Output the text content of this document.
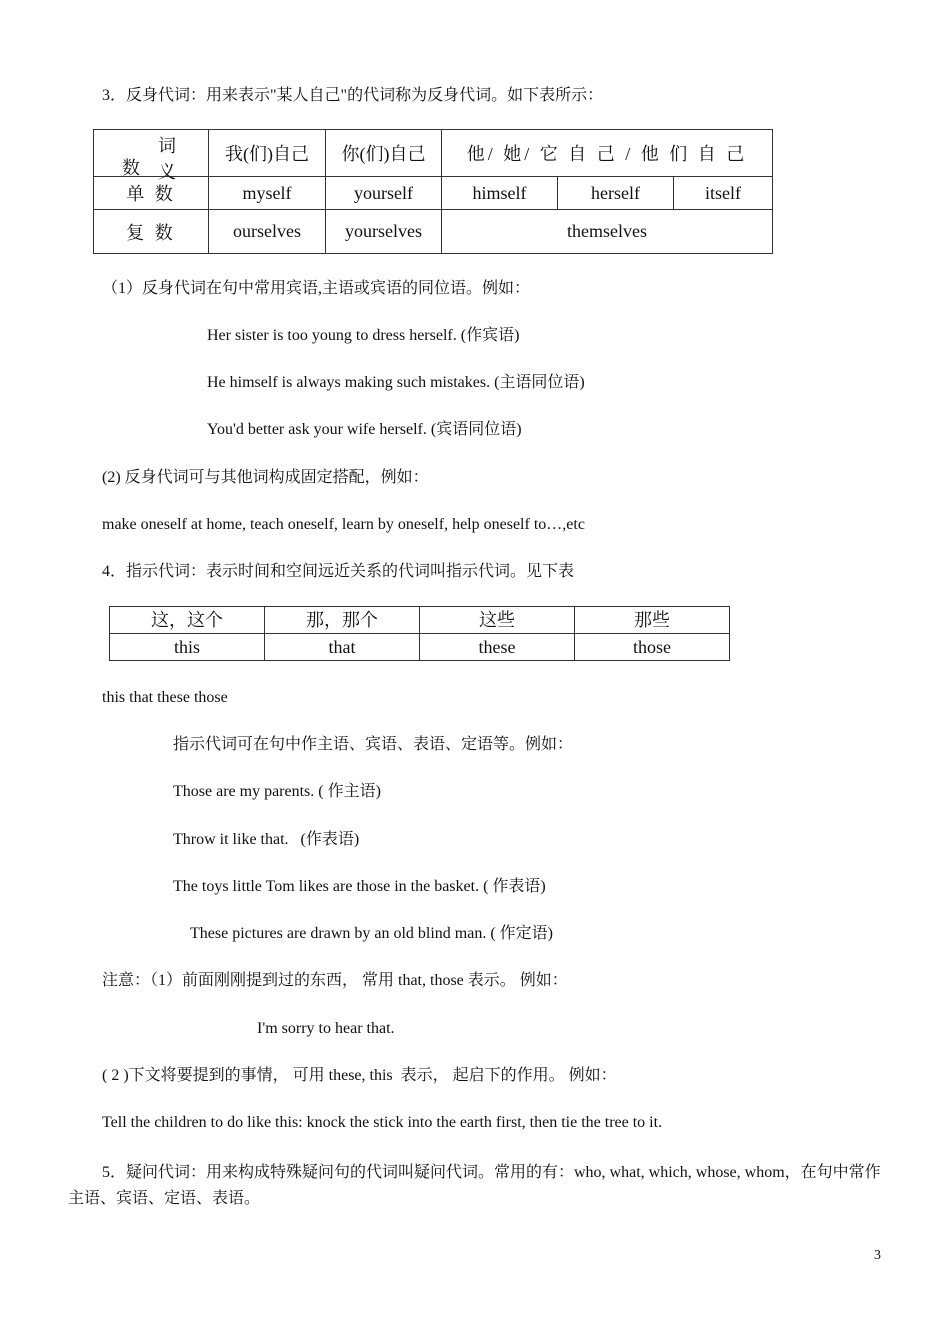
3．反身代词：用来表示"某人自己"的代词称为反身代词。如下表所示：
词 义
数	我(们)自己	你(们)自己	他/ 她/ 它 自 己 / 他 们 自 己		
单 数	myself	yourself	himself	herself	itself
复 数	ourselves	yourselves	themselves		
（1）反身代词在句中常用宾语,主语或宾语的同位语。例如：
Her sister is too young to dress herself. (作宾语)
He himself is always making such mistakes. (主语同位语)
You'd better ask your wife herself. (宾语同位语)
(2) 反身代词可与其他词构成固定搭配，例如：
make oneself at home, teach oneself, learn by oneself, help oneself to…,etc
4．指示代词：表示时间和空间远近关系的代词叫指示代词。见下表
这，这个	那，那个	这些	那些
this	that	these	those
this that these those
指示代词可在句中作主语、宾语、表语、定语等。例如：
Those are my parents. ( 作主语)
Throw it like that.   (作表语)
The toys little Tom likes are those in the basket. ( 作表语)
These pictures are drawn by an old blind man. ( 作定语)
注意：（1）前面刚刚提到过的东西， 常用 that, those 表示。 例如：
I'm sorry to hear that.
( 2 )下文将要提到的事情， 可用 these, this  表示， 起启下的作用。 例如：
Tell the children to do like this: knock the stick into the earth first, then tie the tree to it.
5．疑问代词：用来构成特殊疑问句的代词叫疑问代词。常用的有：who, what, which, whose, whom，在句中常作主语、宾语、定语、表语。
3
